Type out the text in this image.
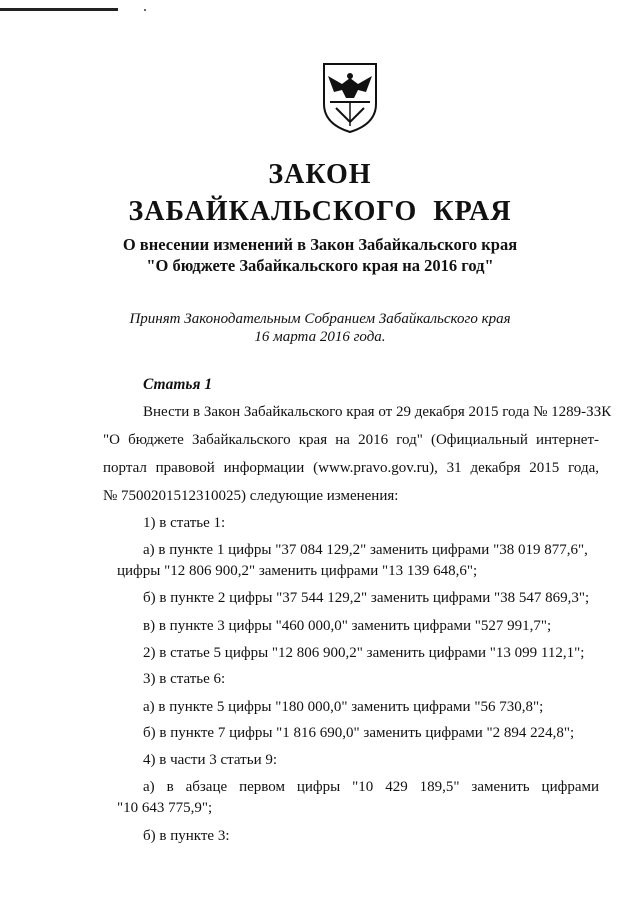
ЗАКОН
ЗАБАЙКАЛЬСКОГО КРАЯ
О внесении изменений в Закон Забайкальского края
"О бюджете Забайкальского края на 2016 год"
Принят Законодательным Собранием Забайкальского края
16 марта 2016 года.
Статья 1
Внести в Закон Забайкальского края от 29 декабря 2015 года № 1289-ЗЗК
"О бюджете Забайкальского края на 2016 год" (Официальный интернет-
портал правовой информации (www.pravo.gov.ru), 31 декабря 2015 года,
№ 7500201512310025) следующие изменения:
1) в статье 1:
а) в пункте 1 цифры "37 084 129,2" заменить цифрами "38 019 877,6",
цифры "12 806 900,2" заменить цифрами "13 139 648,6";
б) в пункте 2 цифры "37 544 129,2" заменить цифрами "38 547 869,3";
в) в пункте 3 цифры "460 000,0" заменить цифрами "527 991,7";
2) в статье 5 цифры "12 806 900,2" заменить цифрами "13 099 112,1";
3) в статье 6:
а) в пункте 5 цифры "180 000,0" заменить цифрами "56 730,8";
б) в пункте 7 цифры "1 816 690,0" заменить цифрами "2 894 224,8";
4) в части 3 статьи 9:
а) в абзаце первом цифры "10 429 189,5" заменить цифрами
"10 643 775,9";
б) в пункте 3:
